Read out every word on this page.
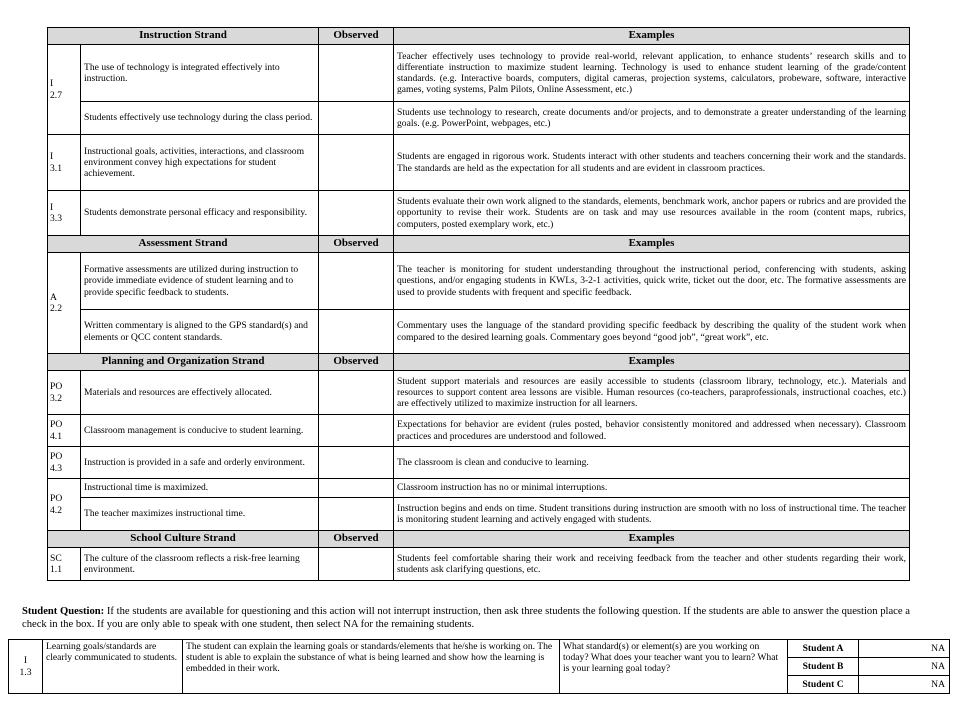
Instruction Strand		Observed	Examples
I
2.7	The use of technology is integrated effectively into instruction.		Teacher effectively uses technology to provide real-world, relevant application, to enhance students’ research skills and to differentiate instruction to maximize student learning. Technology is used to enhance student learning of the grade/content standards. (e.g. Interactive boards, computers, digital cameras, projection systems, calculators, probeware, software, interactive games, voting systems, Palm Pilots, Online Assessment, etc.)
	Students effectively use technology during the class period.		Students use technology to research, create documents and/or projects, and to demonstrate a greater understanding of the learning goals. (e.g. PowerPoint, webpages, etc.)
I
3.1	Instructional goals, activities, interactions, and classroom environment convey high expectations for student achievement.		Students are engaged in rigorous work. Students interact with other students and teachers concerning their work and the standards. The standards are held as the expectation for all students and are evident in classroom practices.
I
3.3	Students demonstrate personal efficacy and responsibility.		Students evaluate their own work aligned to the standards, elements, benchmark work, anchor papers or rubrics and are provided the opportunity to revise their work. Students are on task and may use resources available in the room (content maps, rubrics, computers, posted exemplary work, etc.)
Assessment Strand		Observed	Examples
A
2.2	Formative assessments are utilized during instruction to provide immediate evidence of student learning and to provide specific feedback to students.		The teacher is monitoring for student understanding throughout the instructional period, conferencing with students, asking questions, and/or engaging students in KWLs, 3-2-1 activities, quick write, ticket out the door, etc. The formative assessments are used to provide students with frequent and specific feedback.
	Written commentary is aligned to the GPS standard(s) and elements or QCC content standards.		Commentary uses the language of the standard providing specific feedback by describing the quality of the student work when compared to the desired learning goals. Commentary goes beyond “good job”, “great work”, etc.
Planning and Organization Strand		Observed	Examples
PO
3.2	Materials and resources are effectively allocated.		Student support materials and resources are easily accessible to students (classroom library, technology, etc.). Materials and resources to support content area lessons are visible. Human resources (co-teachers, paraprofessionals, instructional coaches, etc.) are effectively utilized to maximize instruction for all learners.
PO
4.1	Classroom management is conducive to student learning.		Expectations for behavior are evident (rules posted, behavior consistently monitored and addressed when necessary). Classroom practices and procedures are understood and followed.
PO
4.3	Instruction is provided in a safe and orderly environment.		The classroom is clean and conducive to learning.
PO
4.2	Instructional time is maximized.		Classroom instruction has no or minimal interruptions.
	The teacher maximizes instructional time.		Instruction begins and ends on time. Student transitions during instruction are smooth with no loss of instructional time. The teacher is monitoring student learning and actively engaged with students.
School Culture Strand		Observed	Examples
SC
1.1	The culture of the classroom reflects a risk-free learning environment.		Students feel comfortable sharing their work and receiving feedback from the teacher and other students regarding their work, students ask clarifying questions, etc.
Student Question: If the students are available for questioning and this action will not interrupt instruction, then ask three students the following question. If the students are able to answer the question place a check in the box. If you are only able to speak with one student, then select NA for the remaining students.
I
1.3	Learning goals/standards are clearly communicated to students.	The student can explain the learning goals or standards/elements that he/she is working on. The student is able to explain the substance of what is being learned and show how the learning is embedded in their work.	What standard(s) or element(s) are you working on today? What does your teacher want you to learn? What is your learning goal today?	Student A	NA
				Student B	NA
				Student C	NA
